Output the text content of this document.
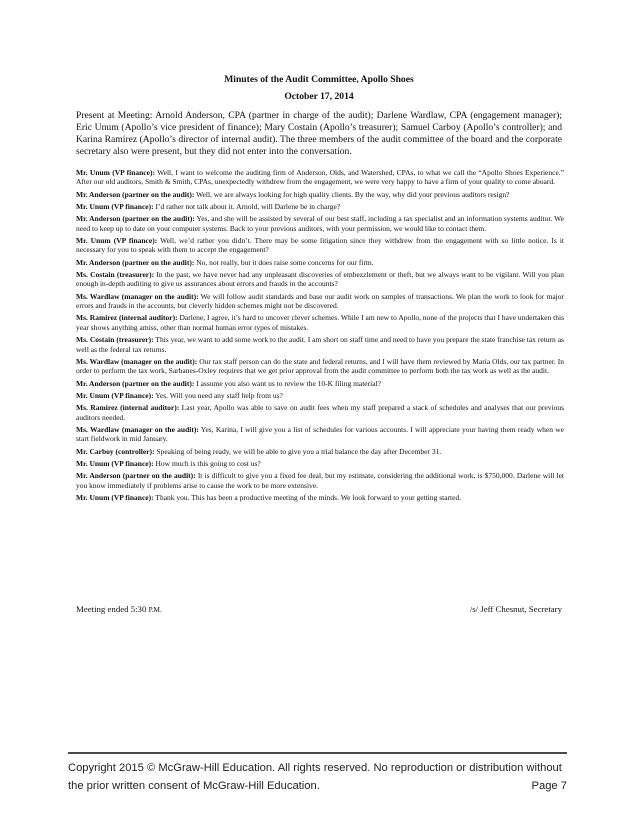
Minutes of the Audit Committee, Apollo Shoes
October 17, 2014
Present at Meeting: Arnold Anderson, CPA (partner in charge of the audit); Darlene Wardlaw, CPA (engagement manager); Eric Unum (Apollo’s vice president of finance); Mary Costain (Apollo’s treasurer); Samuel Carboy (Apollo’s controller); and Karina Ramirez (Apollo’s director of internal audit). The three members of the audit committee of the board and the corporate secretary also were present, but they did not enter into the conversation.
Mr. Unum (VP finance): Well, I want to welcome the auditing firm of Anderson, Olds, and Watershed, CPAs, to what we call the “Apollo Shoes Experience.” After our old auditors, Smith & Smith, CPAs, unexpectedly withdrew from the engagement, we were very happy to have a firm of your quality to come aboard.
Mr. Anderson (partner on the audit): Well, we are always looking for high quality clients. By the way, why did your previous auditors resign?
Mr. Unum (VP finance): I’d rather not talk about it. Arnold, will Darlene be in charge?
Mr. Anderson (partner on the audit): Yes, and she will be assisted by several of our best staff, including a tax specialist and an information systems auditor. We need to keep up to date on your computer systems. Back to your previous auditors, with your permission, we would like to contact them.
Mr. Unum (VP finance): Well, we’d rather you didn’t. There may be some litigation since they withdrew from the engagement with so little notice. Is it necessary for you to speak with them to accept the engagement?
Mr. Anderson (partner on the audit): No, not really, but it does raise some concerns for our firm.
Ms. Costain (treasurer): In the past, we have never had any unpleasant discoveries of embezzlement or theft, but we always want to be vigilant. Will you plan enough in-depth auditing to give us assurances about errors and frauds in the accounts?
Ms. Wardlaw (manager on the audit): We will follow audit standards and base our audit work on samples of transactions. We plan the work to look for major errors and frauds in the accounts, but cleverly hidden schemes might not be discovered.
Ms. Ramirez (internal auditor): Darlene, I agree, it’s hard to uncover clever schemes. While I am new to Apollo, none of the projects that I have undertaken this year shows anything amiss, other than normal human error types of mistakes.
Ms. Costain (treasurer): This year, we want to add some work to the audit. I am short on staff time and need to have you prepare the state franchise tax return as well as the federal tax returns.
Ms. Wardlaw (manager on the audit): Our tax staff person can do the state and federal returns, and I will have them reviewed by Maria Olds, our tax partner. In order to perform the tax work, Sarbanes-Oxley requires that we get prior approval from the audit committee to perform both the tax work as well as the audit.
Mr. Anderson (partner on the audit): I assume you also want us to review the 10-K filing material?
Mr. Unum (VP finance): Yes. Will you need any staff help from us?
Ms. Ramirez (internal auditor): Last year, Apollo was able to save on audit fees when my staff prepared a stack of schedules and analyses that our previous auditors needed.
Ms. Wardlaw (manager on the audit): Yes, Karina, I will give you a list of schedules for various accounts. I will appreciate your having them ready when we start fieldwork in mid January.
Mr. Carboy (controller): Speaking of being ready, we will be able to give you a trial balance the day after December 31.
Mr. Unum (VP finance): How much is this going to cost us?
Mr. Anderson (partner on the audit): It is difficult to give you a fixed fee deal, but my estimate, considering the additional work, is $750,000. Darlene will let you know immediately if problems arise to cause the work to be more extensive.
Mr. Unum (VP finance): Thank you. This has been a productive meeting of the minds. We look forward to your getting started.
Meeting ended 5:30 P.M.	/s/ Jeff Chesnut, Secretary
Copyright 2015 © McGraw-Hill Education. All rights reserved. No reproduction or distribution without
the prior written consent of McGraw-Hill Education.	Page 7
